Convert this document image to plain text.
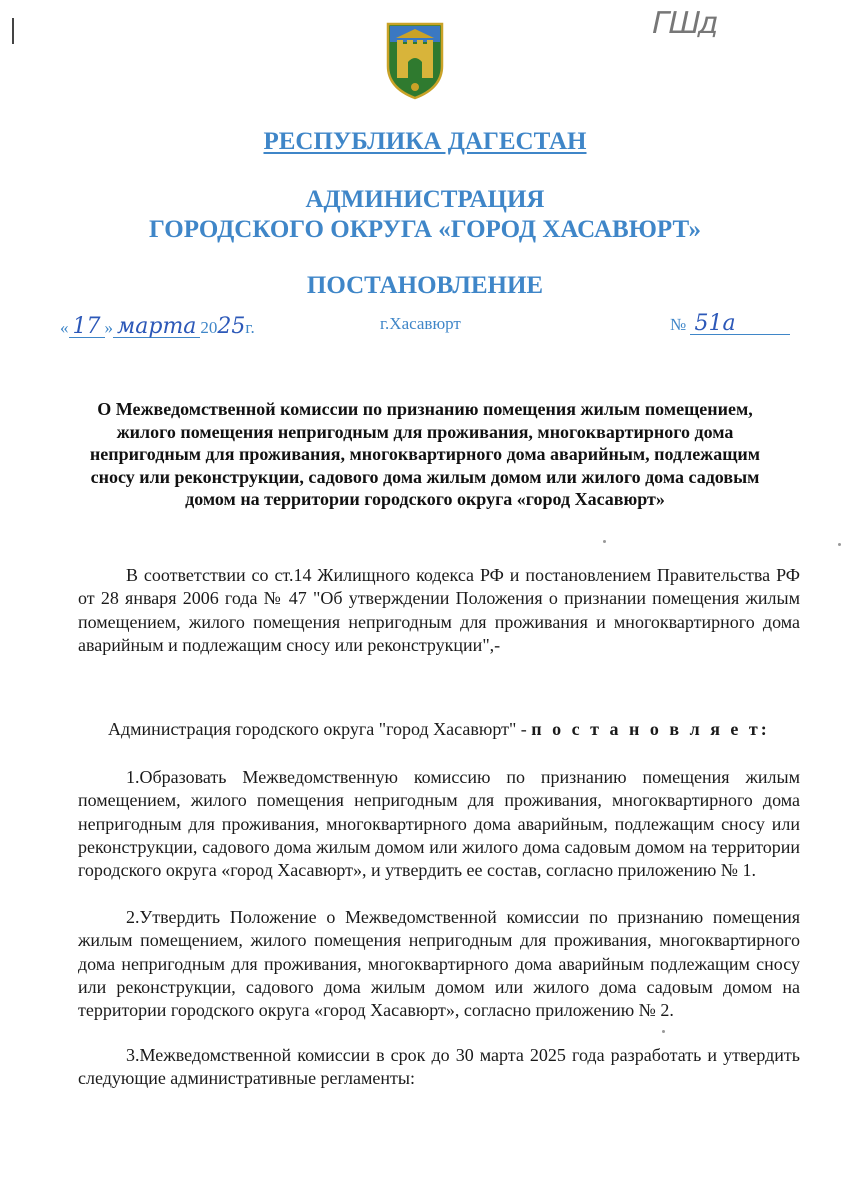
ГШд
РЕСПУБЛИКА ДАГЕСТАН
АДМИНИСТРАЦИЯ
ГОРОДСКОГО ОКРУГА «ГОРОД ХАСАВЮРТ»
ПОСТАНОВЛЕНИЕ
« 17 » марта 2025г.	г.Хасавюрт	№ 51а
О Межведомственной комиссии по признанию помещения жилым помещением, жилого помещения непригодным для проживания, многоквартирного дома непригодным для проживания, многоквартирного дома аварийным, подлежащим сносу или реконструкции, садового дома жилым домом или жилого дома садовым домом на территории городского округа «город Хасавюрт»
В соответствии со ст.14 Жилищного кодекса РФ и постановлением Правительства РФ от 28 января 2006 года № 47 "Об утверждении Положения о признании помещения жилым помещением, жилого помещения непригодным для проживания и многоквартирного дома аварийным и подлежащим сносу или реконструкции",-
Администрация городского округа "город Хасавюрт" - п о с т а н о в л я е т:
1.Образовать Межведомственную комиссию по признанию помещения жилым помещением, жилого помещения непригодным для проживания, многоквартирного дома непригодным для проживания, многоквартирного дома аварийным, подлежащим сносу или реконструкции, садового дома жилым домом или жилого дома садовым домом на территории городского округа «город Хасавюрт», и утвердить ее состав, согласно приложению № 1.
2.Утвердить Положение о Межведомственной комиссии по признанию помещения жилым помещением, жилого помещения непригодным для проживания, многоквартирного дома непригодным для проживания, многоквартирного дома аварийным подлежащим сносу или реконструкции, садового дома жилым домом или жилого дома садовым домом на территории городского округа «город Хасавюрт», согласно приложению № 2.
3.Межведомственной комиссии в срок до 30 марта 2025 года разработать и утвердить следующие административные регламенты:
